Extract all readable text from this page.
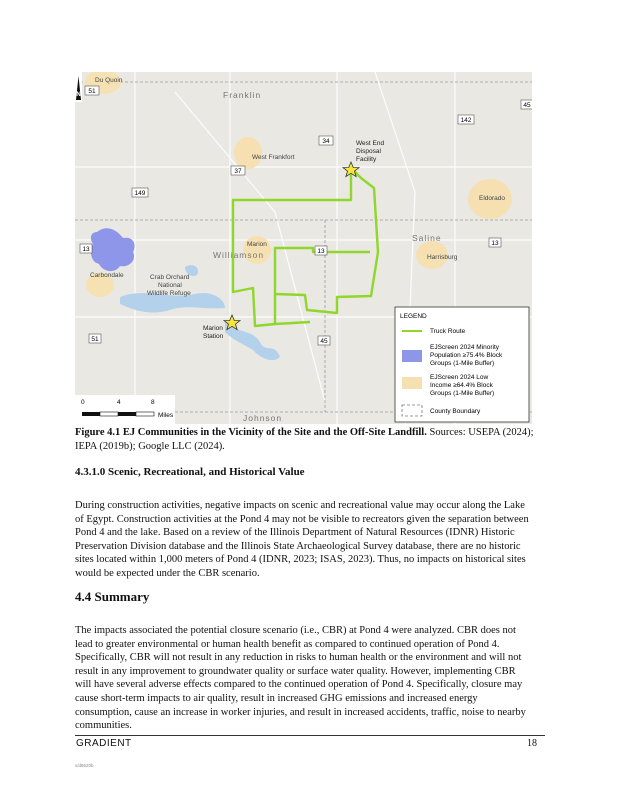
51
45
142
34
37
149
13
13
13
51	45
Du Quoin
Franklin
West Frankfort
West End
Disposal
Facility
Eldorado
Saline
Harrisburg
Marion
Williamson
Carbondale	Crab Orchard
National
Wildlife Refuge
Marion
Station
Johnson
N
0	4	8
Miles
LEGEND
Truck Route
EJScreen 2024 Minority
Population ≥75.4% Block
Groups (1-Mile Buffer)
EJScreen 2024 Low
Income ≥64.4% Block
Groups (1-Mile Buffer)
County Boundary
Figure 4.1 EJ Communities in the Vicinity of the Site and the Off-Site Landfill. Sources: USEPA (2024);
IEPA (2019b); Google LLC (2024).
4.3.1.0 Scenic, Recreational, and Historical Value
During construction activities, negative impacts on scenic and recreational value may occur along the Lake
of Egypt. Construction activities at the Pond 4 may not be visible to recreators given the separation between
Pond 4 and the lake. Based on a review of the Illinois Department of Natural Resources (IDNR) Historic
Preservation Division database and the Illinois State Archaeological Survey database, there are no historic
sites located within 1,000 meters of Pond 4 (IDNR, 2023; ISAS, 2023). Thus, no impacts on historical sites
would be expected under the CBR scenario.
4.4 Summary
The impacts associated the potential closure scenario (i.e., CBR) at Pond 4 were analyzed. CBR does not
lead to greater environmental or human health benefit as compared to continued operation of Pond 4.
Specifically, CBR will not result in any reduction in risks to human health or the environment and will not
result in any improvement to groundwater quality or surface water quality. However, implementing CBR
will have several adverse effects compared to the continued operation of Pond 4. Specifically, closure may
cause short-term impacts to air quality, result in increased GHG emissions and increased energy
consumption, cause an increase in worker injuries, and result in increased accidents, traffic, noise to nearby
communities.
GRADIENT	18
v/d8620b
